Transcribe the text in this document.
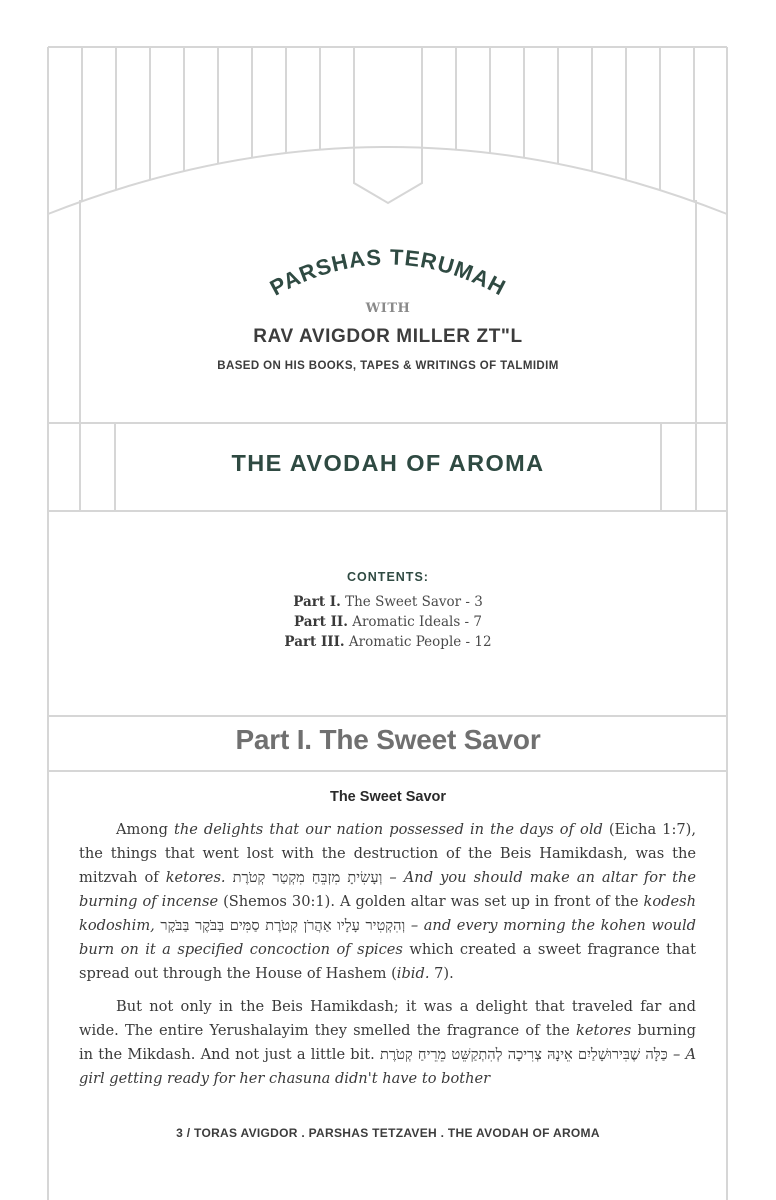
PARSHAS TERUMAH
WITH
RAV AVIGDOR MILLER ZT"L
BASED ON HIS BOOKS, TAPES & WRITINGS OF TALMIDIM
THE AVODAH OF AROMA
CONTENTS:
Part I. The Sweet Savor - 3
Part II. Aromatic Ideals - 7
Part III. Aromatic People - 12
Part I. The Sweet Savor
The Sweet Savor

Among the delights that our nation possessed in the days of old (Eicha 1:7), the things that went lost with the destruction of the Beis Hamikdash, was the mitzvah of ketores. וְעָשִׂיתָ מִזְבֵּחַ מִקְטַר קְטֹרֶת – And you should make an altar for the burning of incense (Shemos 30:1). A golden altar was set up in front of the kodesh kodoshim, וְהִקְטִיר עָלָיו אַהֲרֹן קְטֹרֶת סַמִּים בַּבֹּקֶר בַּבֹּקֶר – and every morning the kohen would burn on it a specified concoction of spices which created a sweet fragrance that spread out through the House of Hashem (ibid. 7).

But not only in the Beis Hamikdash; it was a delight that traveled far and wide. The entire Yerushalayim they smelled the fragrance of the ketores burning in the Mikdash. And not just a little bit. כַּלָּה שֶׁבִּירוּשָׁלַיִם אֵינָהּ צְרִיכָה לְהִתְקַשֵּׁט מֵרֵיחַ קְטֹרֶת – A girl getting ready for her chasuna didn't have to bother

3 / TORAS AVIGDOR . PARSHAS TETZAVEH . THE AVODAH OF AROMA
